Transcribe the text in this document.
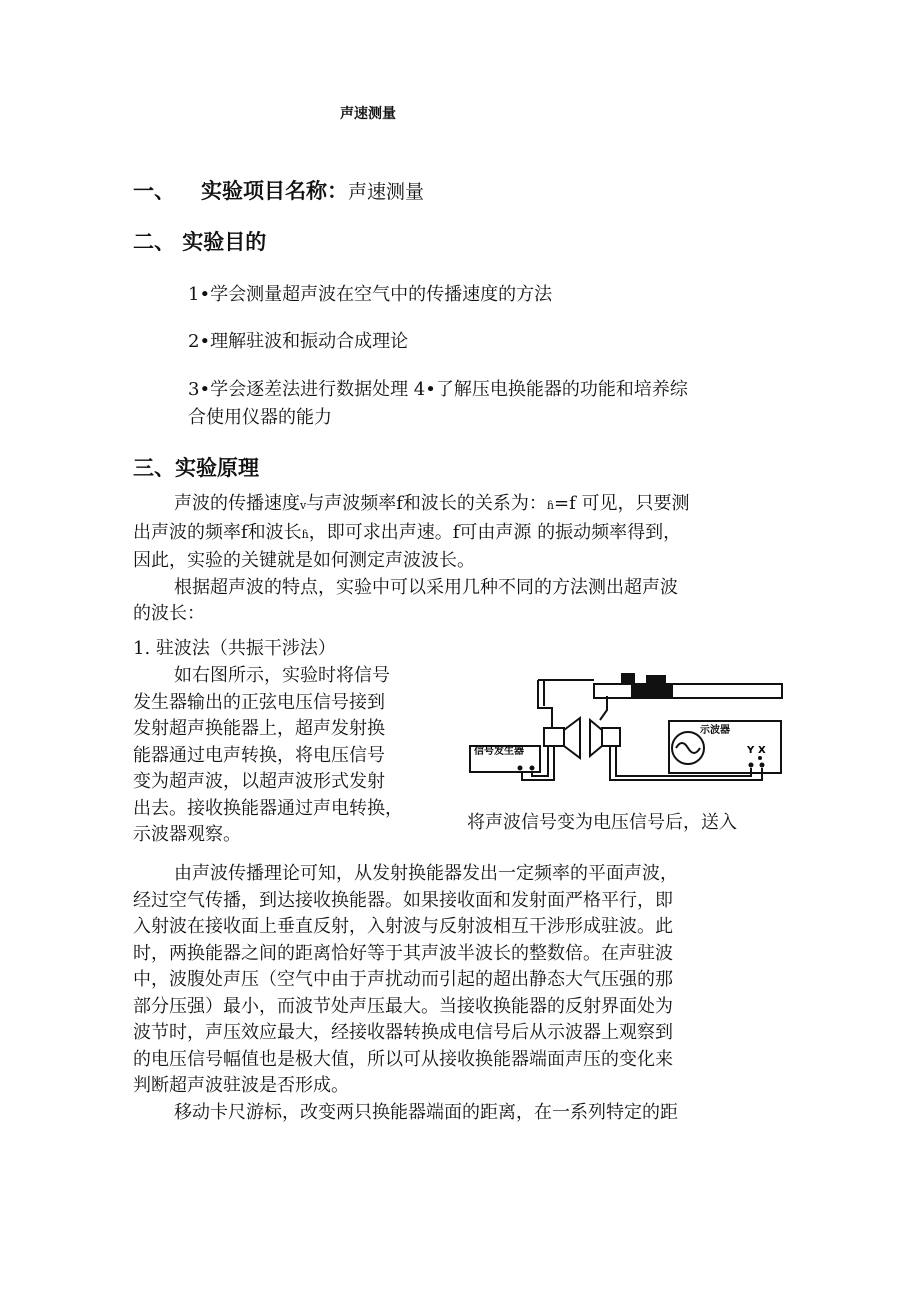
声速测量
一、 实验项目名称：声速测量
二、 实验目的
1•学会测量超声波在空气中的传播速度的方法
2•理解驻波和振动合成理论
3•学会逐差法进行数据处理 4•了解压电换能器的功能和培养综
合使用仪器的能力
三、实验原理
声波的传播速度v与声波频率f和波长的关系为：ɦ=f 可见，只要测
出声波的频率f和波长ɦ，即可求出声速。f可由声源 的振动频率得到，
因此，实验的关键就是如何测定声波波长。
根据超声波的特点，实验中可以采用几种不同的方法测出超声波
的波长：
1. 驻波法（共振干涉法）
如右图所示，实验时将信号
发生器输出的正弦电压信号接到
发射超声换能器上，超声发射换
能器通过电声转换，将电压信号
变为超声波，以超声波形式发射
出去。接收换能器通过声电转换，
示波器观察。
将声波信号变为电压信号后，送入
信号发生器
示波器
Y X
由声波传播理论可知，从发射换能器发出一定频率的平面声波，
经过空气传播，到达接收换能器。如果接收面和发射面严格平行，即
入射波在接收面上垂直反射，入射波与反射波相互干涉形成驻波。此
时，两换能器之间的距离恰好等于其声波半波长的整数倍。在声驻波
中，波腹处声压（空气中由于声扰动而引起的超出静态大气压强的那
部分压强）最小，而波节处声压最大。当接收换能器的反射界面处为
波节时，声压效应最大，经接收器转换成电信号后从示波器上观察到
的电压信号幅值也是极大值，所以可从接收换能器端面声压的变化来
判断超声波驻波是否形成。
移动卡尺游标，改变两只换能器端面的距离，在一系列特定的距
